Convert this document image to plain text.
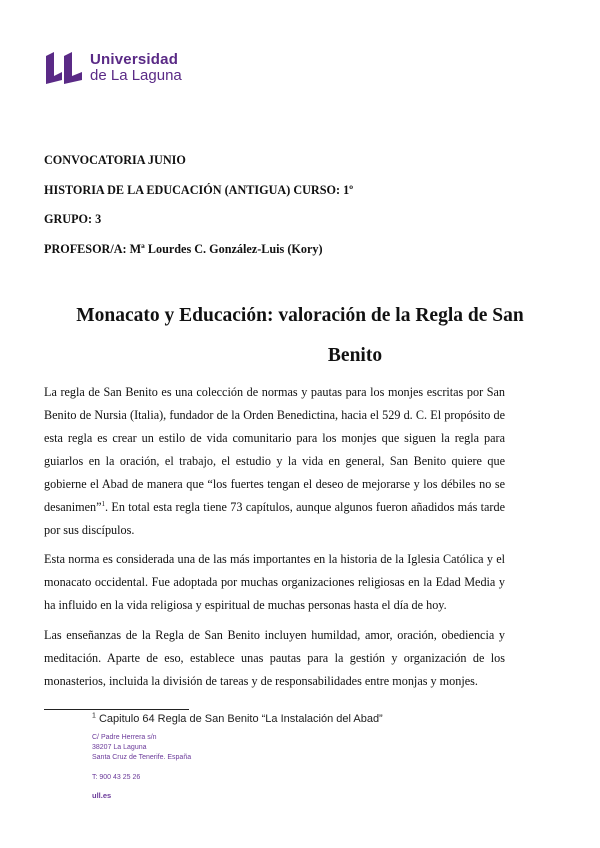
Universidad
de La Laguna
CONVOCATORIA JUNIO
HISTORIA DE LA EDUCACIÓN (ANTIGUA) CURSO: 1º
GRUPO: 3
PROFESOR/A: Mª Lourdes C. González-Luis (Kory)
Monacato y Educación: valoración de la Regla de San
Benito
La regla de San Benito es una colección de normas y pautas para los monjes escritas por San Benito de Nursia (Italia), fundador de la Orden Benedictina, hacia el 529 d. C. El propósito de esta regla es crear un estilo de vida comunitario para los monjes que siguen la regla para guiarlos en la oración, el trabajo, el estudio y la vida en general, San Benito quiere que gobierne el Abad de manera que “los fuertes tengan el deseo de mejorarse y los débiles no se desanimen”$^1$. En total esta regla tiene 73 capítulos, aunque algunos fueron añadidos más tarde por sus discípulos.
Esta norma es considerada una de las más importantes en la historia de la Iglesia Católica y el monacato occidental. Fue adoptada por muchas organizaciones religiosas en la Edad Media y ha influido en la vida religiosa y espiritual de muchas personas hasta el día de hoy.
Las enseñanzas de la Regla de San Benito incluyen humildad, amor, oración, obediencia y meditación. Aparte de eso, establece unas pautas para la gestión y organización de los monasterios, incluida la división de tareas y de responsabilidades entre monjas y monjes.
$^1$ Capitulo 64 Regla de San Benito “La Instalación del Abad”
C/ Padre Herrera s/n
38207 La Laguna
Santa Cruz de Tenerife. España
T: 900 43 25 26
ull.es
